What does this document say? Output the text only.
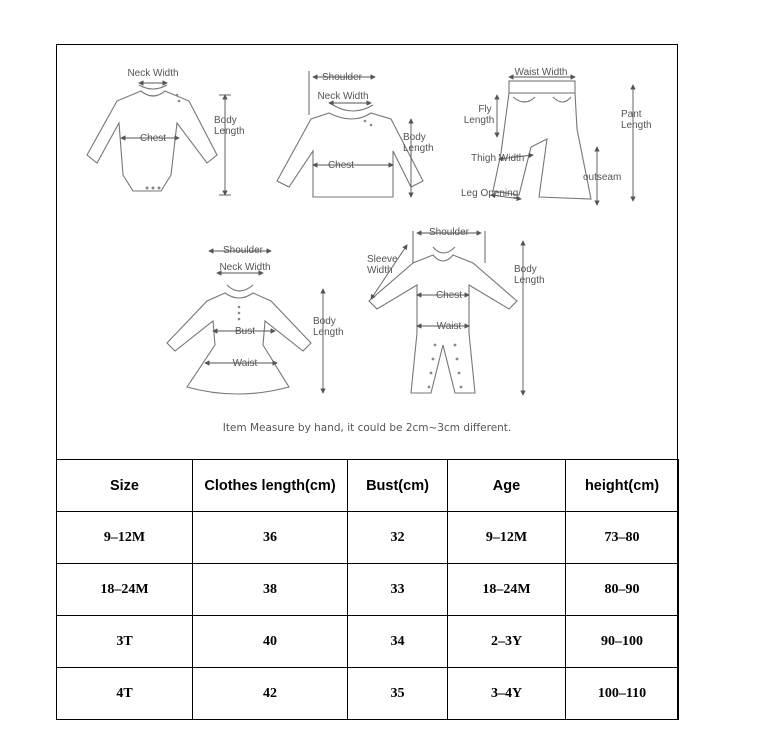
Neck Width
Chest
Body
Length
Shoulder
Neck Width
Chest
Body
Length
Waist Width
Fly
Length
Pant
Length
Thigh Width
outseam
Leg Opening
Shoulder
Neck Width
Bust
Waist
Body
Length
Shoulder
Sleeve
Width
Chest
Waist
Body
Length
Item Measure by hand, it could be 2cm~3cm different.
Size	Clothes length(cm)	Bust(cm)	Age	height(cm)
9–12M	36	32	9–12M	73–80
18–24M	38	33	18–24M	80–90
3T	40	34	2–3Y	90–100
4T	42	35	3–4Y	100–110
